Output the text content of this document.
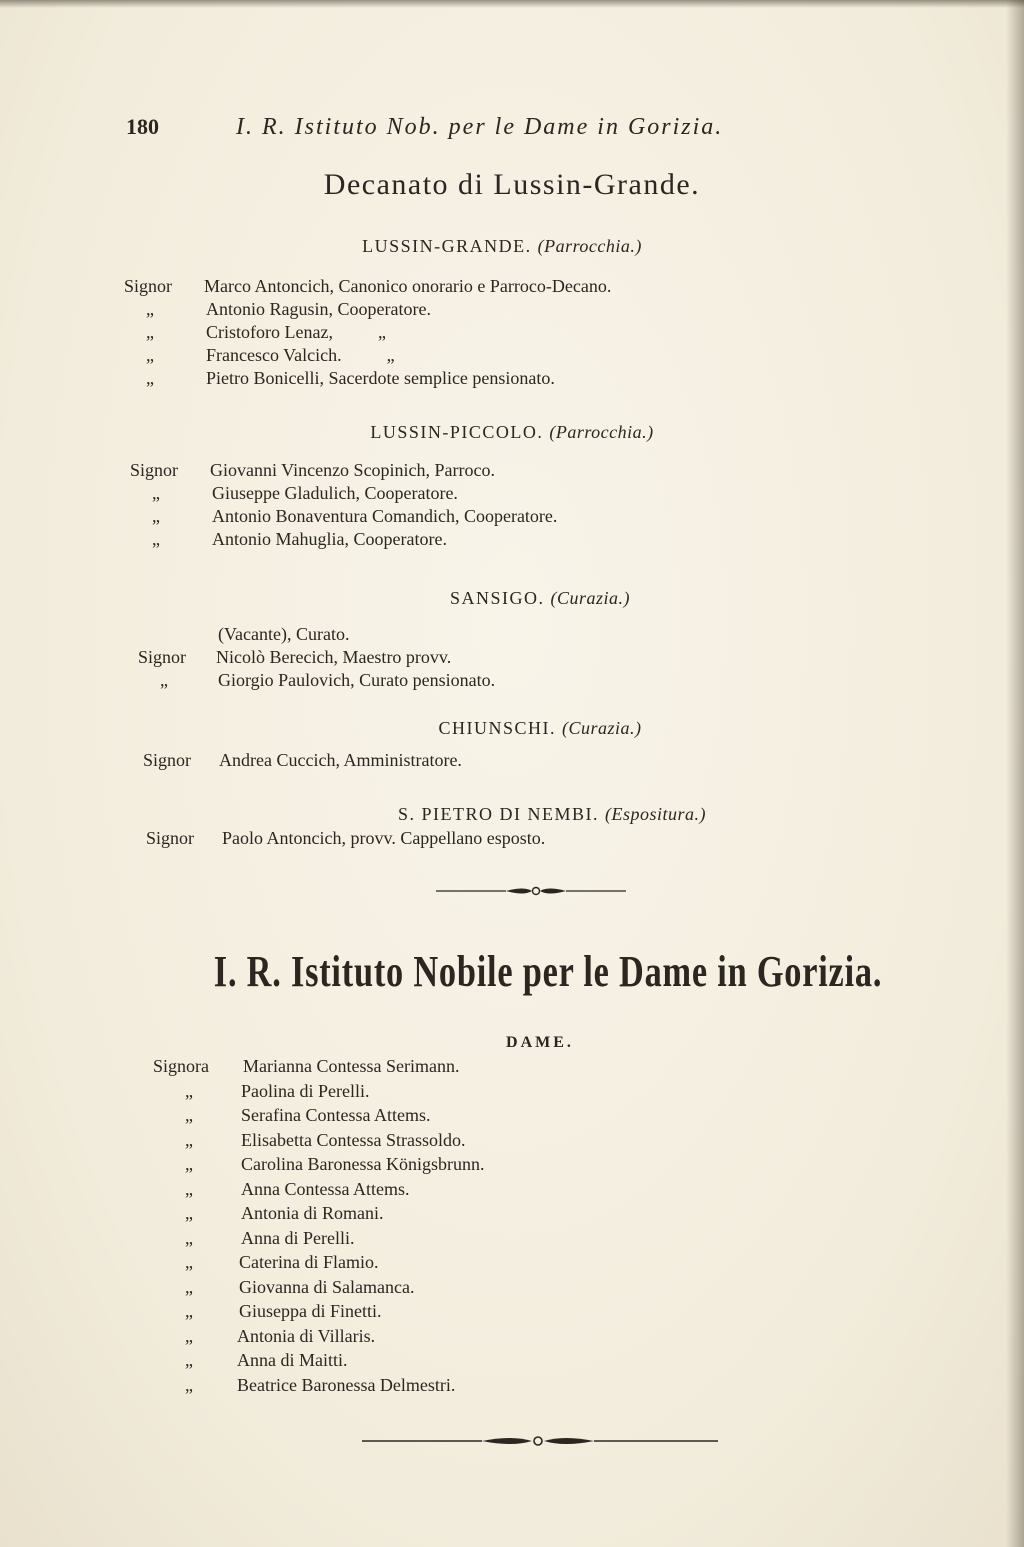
180	I. R. Istituto Nob. per le Dame in Gorizia.
Decanato di Lussin-Grande.
LUSSIN-GRANDE. (Parrocchia.)
Signor Marco Antoncich, Canonico onorario e Parroco-Decano.
„	Antonio Ragusin, Cooperatore.
„	Cristoforo Lenaz,          „
„	Francesco Valcich.          „
„	Pietro Bonicelli, Sacerdote semplice pensionato.
LUSSIN-PICCOLO. (Parrocchia.)
Signor Giovanni Vincenzo Scopinich, Parroco.
„	Giuseppe Gladulich, Cooperatore.
„	Antonio Bonaventura Comandich, Cooperatore.
„	Antonio Mahuglia, Cooperatore.
SANSIGO. (Curazia.)
(Vacante), Curato.
Signor Nicolò Berecich, Maestro provv.
„	Giorgio Paulovich, Curato pensionato.
CHIUNSCHI. (Curazia.)
Signor Andrea Cuccich, Amministratore.
S. PIETRO DI NEMBI. (Espositura.)
Signor Paolo Antoncich, provv. Cappellano esposto.
I. R. Istituto Nobile per le Dame in Gorizia.
DAME.
Signora Marianna Contessa Serimann.
„	Paolina di Perelli.
„	Serafina Contessa Attems.
„	Elisabetta Contessa Strassoldo.
„	Carolina Baronessa Königsbrunn.
„	Anna Contessa Attems.
„	Antonia di Romani.
„	Anna di Perelli.
„	Caterina di Flamio.
„	Giovanna di Salamanca.
„	Giuseppa di Finetti.
„ Antonia di Villaris.
„ Anna di Maitti.
„ Beatrice Baronessa Delmestri.
